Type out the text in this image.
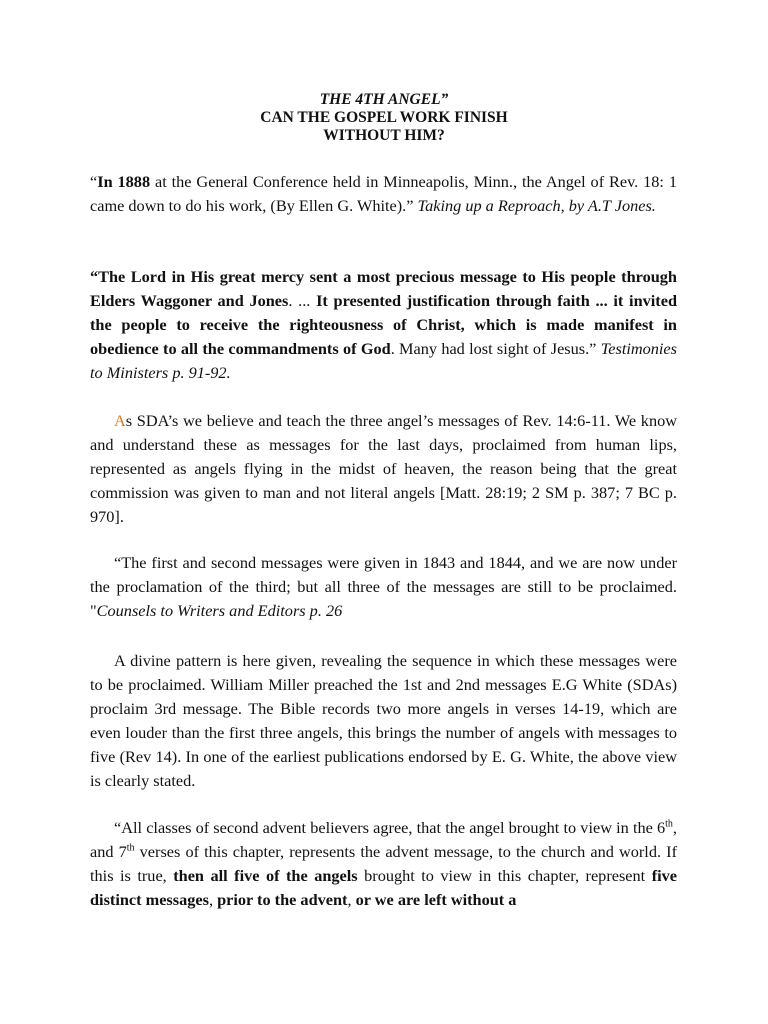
THE 4TH ANGEL”
CAN THE GOSPEL WORK FINISH
WITHOUT HIM?
“In 1888 at the General Conference held in Minneapolis, Minn., the Angel of Rev. 18: 1 came down to do his work, (By Ellen G. White).” Taking up a Reproach, by A.T Jones.
“The Lord in His great mercy sent a most precious message to His people through Elders Waggoner and Jones. ... It presented justification through faith ... it invited the people to receive the righteousness of Christ, which is made manifest in obedience to all the commandments of God. Many had lost sight of Jesus.” Testimonies to Ministers p. 91-92.
As SDA’s we believe and teach the three angel’s messages of Rev. 14:6-11. We know and understand these as messages for the last days, proclaimed from human lips, represented as angels flying in the midst of heaven, the reason being that the great commission was given to man and not literal angels [Matt. 28:19; 2 SM p. 387; 7 BC p. 970].
“The first and second messages were given in 1843 and 1844, and we are now under the proclamation of the third; but all three of the messages are still to be proclaimed. "Counsels to Writers and Editors p. 26
A divine pattern is here given, revealing the sequence in which these messages were to be proclaimed. William Miller preached the 1st and 2nd messages E.G White (SDAs) proclaim 3rd message. The Bible records two more angels in verses 14-19, which are even louder than the first three angels, this brings the number of angels with messages to five (Rev 14). In one of the earliest publications endorsed by E. G. White, the above view is clearly stated.
“All classes of second advent believers agree, that the angel brought to view in the 6th, and 7th verses of this chapter, represents the advent message, to the church and world. If this is true, then all five of the angels brought to view in this chapter, represent five distinct messages, prior to the advent, or we are left without a
